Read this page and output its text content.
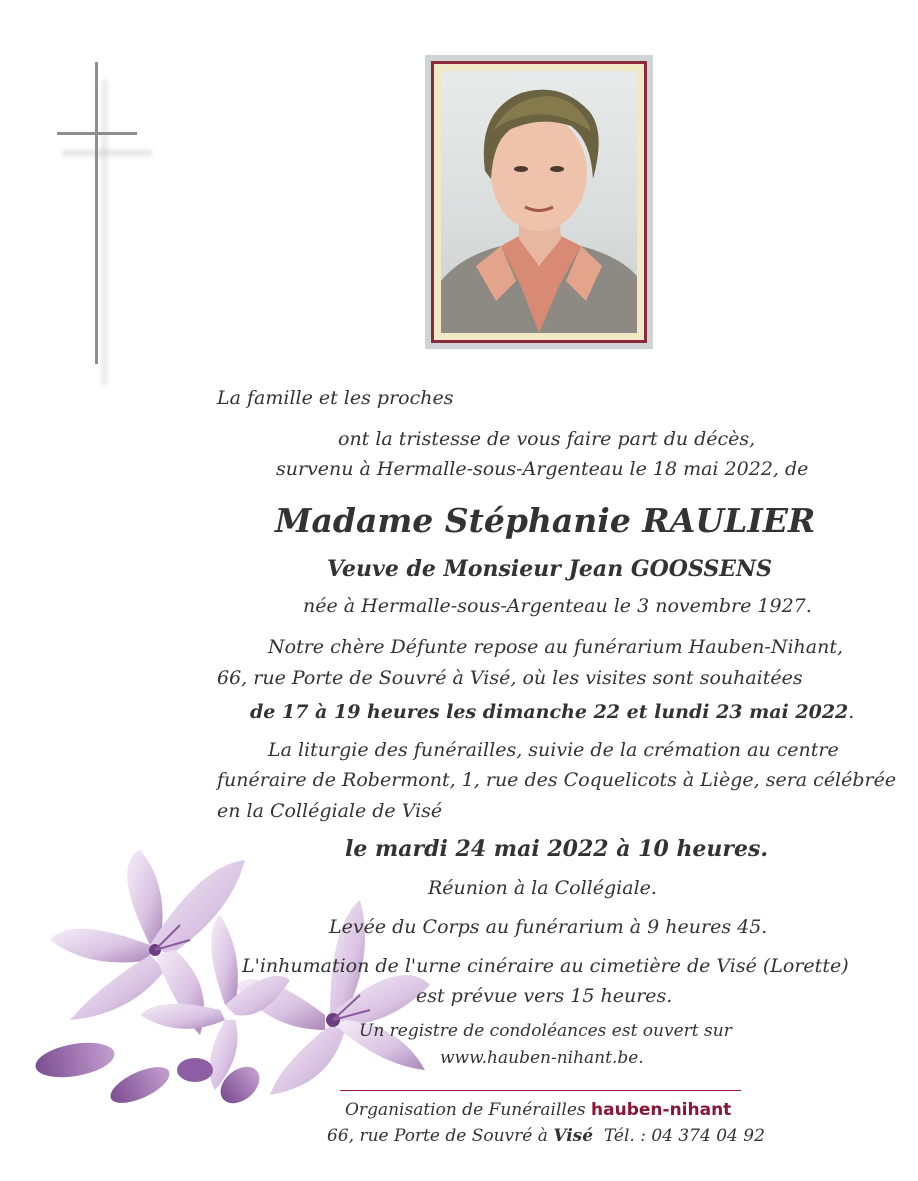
La famille et les proches
ont la tristesse de vous faire part du décès,
survenu à Hermalle-sous-Argenteau le 18 mai 2022, de
Madame Stéphanie RAULIER
Veuve de Monsieur Jean GOOSSENS
née à Hermalle-sous-Argenteau le 3 novembre 1927.
Notre chère Défunte repose au funérarium Hauben-Nihant,
66, rue Porte de Souvré à Visé, où les visites sont souhaitées
de 17 à 19 heures les dimanche 22 et lundi 23 mai 2022.
La liturgie des funérailles, suivie de la crémation au centre
funéraire de Robermont, 1, rue des Coquelicots à Liège, sera célébrée
en la Collégiale de Visé
le mardi 24 mai 2022 à 10 heures.
Réunion à la Collégiale.
Levée du Corps au funérarium à 9 heures 45.
L'inhumation de l'urne cinéraire au cimetière de Visé (Lorette)
est prévue vers 15 heures.
Un registre de condoléances est ouvert sur
www.hauben-nihant.be.
Organisation de Funérailles hauben-nihant
66, rue Porte de Souvré à Visé Tél. : 04 374 04 92
